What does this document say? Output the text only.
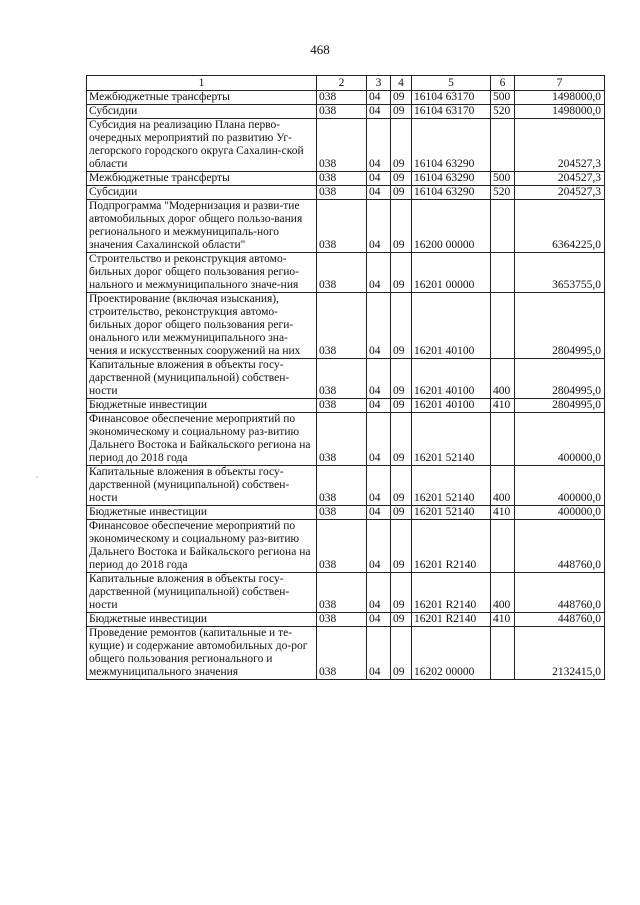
468
,
1	2	3	4	5	6	7
Межбюджетные трансферты	038	04	09	16104 63170	500	1498000,0
Субсидии	038	04	09	16104 63170	520	1498000,0
Субсидия на реализацию Плана перво-очередных мероприятий по развитию Уг-легорского городского округа Сахалин-ской области	038	04	09	16104 63290		204527,3
Межбюджетные трансферты	038	04	09	16104 63290	500	204527,3
Субсидии	038	04	09	16104 63290	520	204527,3
Подпрограмма "Модернизация и разви-тие автомобильных дорог общего пользо-вания регионального и межмуниципаль-ного значения Сахалинской области"	038	04	09	16200 00000		6364225,0
Строительство и реконструкция автомо-бильных дорог общего пользования регио-нального и межмуниципального значе-ния	038	04	09	16201 00000		3653755,0
Проектирование (включая изыскания), строительство, реконструкция автомо-бильных дорог общего пользования реги-онального или межмуниципального зна-чения и искусственных сооружений на них	038	04	09	16201 40100		2804995,0
Капитальные вложения в объекты госу-дарственной (муниципальной) собствен-ности	038	04	09	16201 40100	400	2804995,0
Бюджетные инвестиции	038	04	09	16201 40100	410	2804995,0
Финансовое обеспечение мероприятий по экономическому и социальному раз-витию Дальнего Востока и Байкальского региона на период до 2018 года	038	04	09	16201 52140		400000,0
Капитальные вложения в объекты госу-дарственной (муниципальной) собствен-ности	038	04	09	16201 52140	400	400000,0
Бюджетные инвестиции	038	04	09	16201 52140	410	400000,0
Финансовое обеспечение мероприятий по экономическому и социальному раз-витию Дальнего Востока и Байкальского региона на период до 2018 года	038	04	09	16201 R2140		448760,0
Капитальные вложения в объекты госу-дарственной (муниципальной) собствен-ности	038	04	09	16201 R2140	400	448760,0
Бюджетные инвестиции	038	04	09	16201 R2140	410	448760,0
Проведение ремонтов (капитальные и те-кущие) и содержание автомобильных до-рог общего пользования регионального и межмуниципального значения	038	04	09	16202 00000		2132415,0
